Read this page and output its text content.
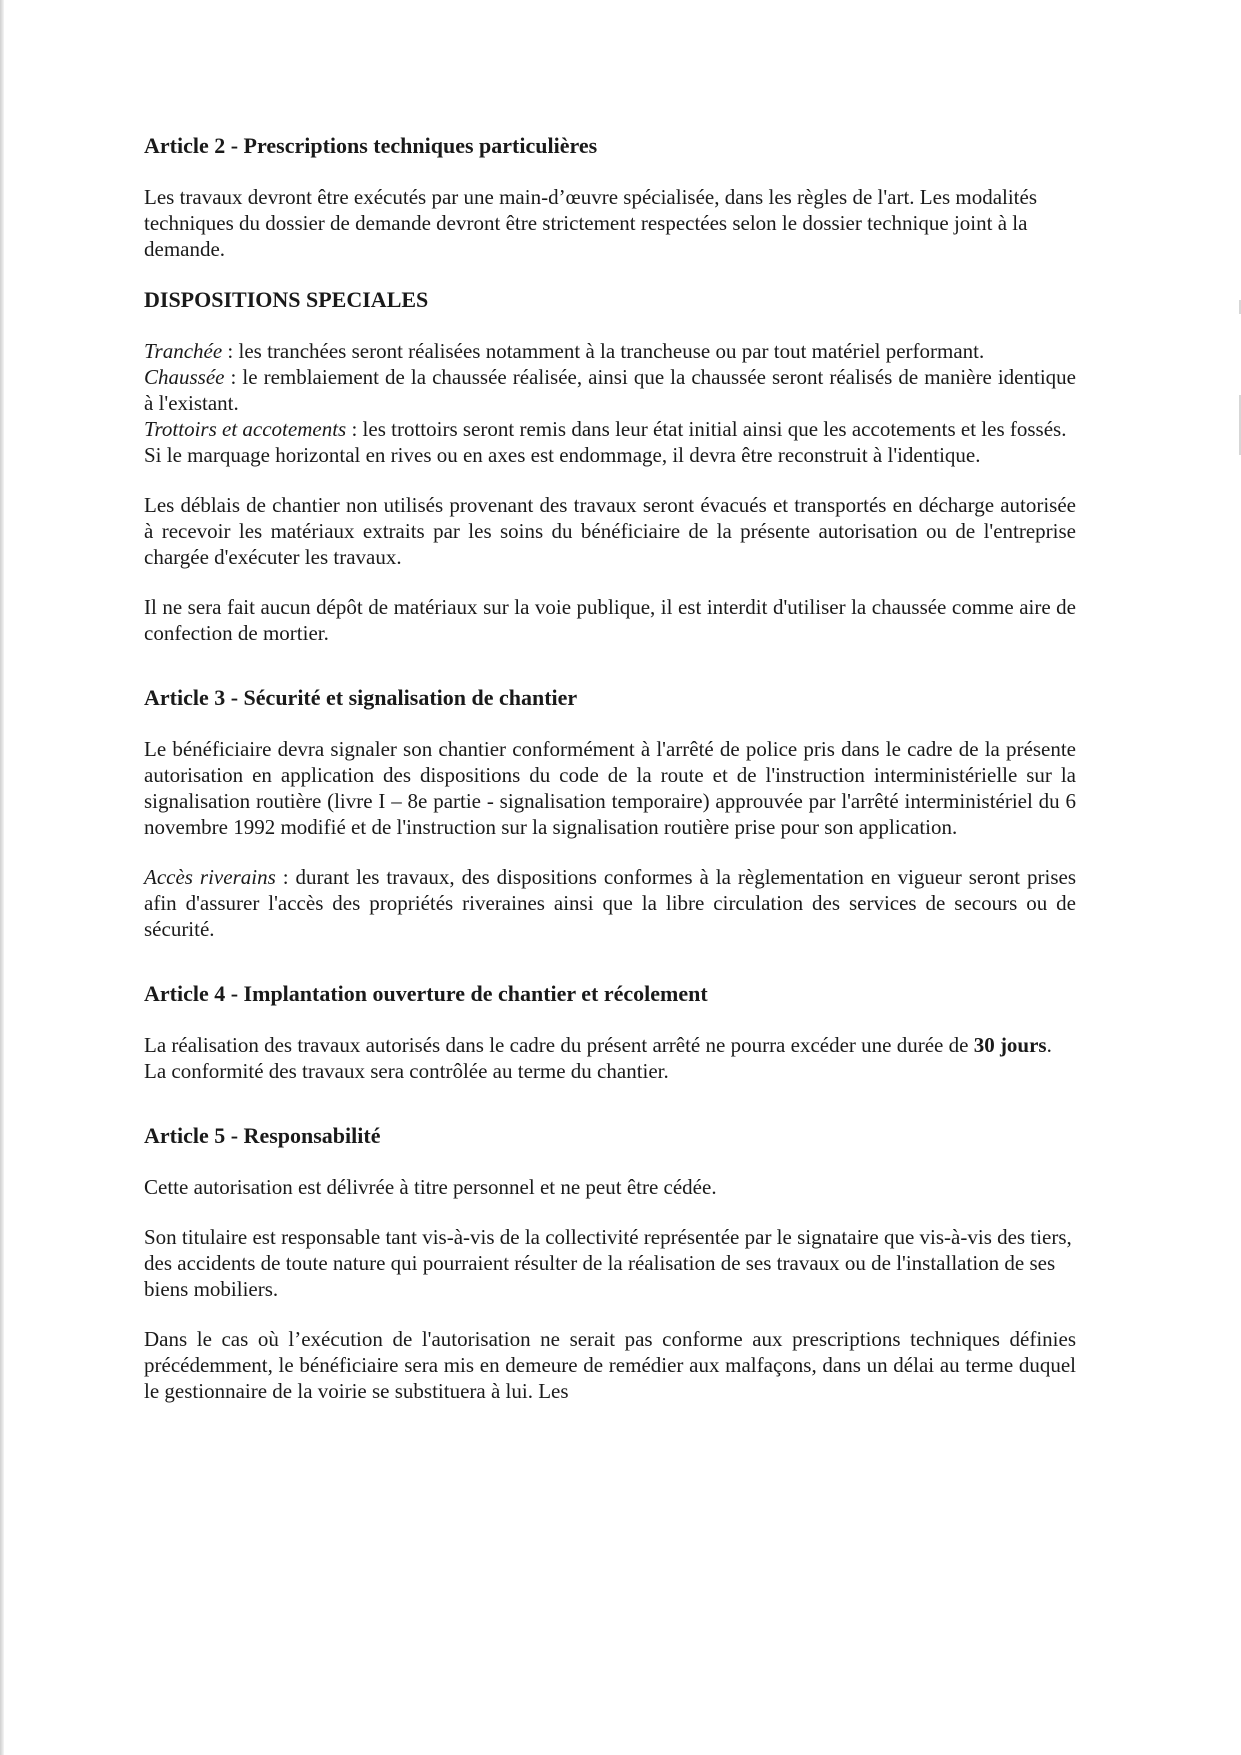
Article 2 - Prescriptions techniques particulières

Les travaux devront être exécutés par une main-d’œuvre spécialisée, dans les règles de l'art. Les modalités techniques du dossier de demande devront être strictement respectées selon le dossier technique joint à la demande.

DISPOSITIONS SPECIALES

Tranchée : les tranchées seront réalisées notamment à la trancheuse ou par tout matériel performant.
Chaussée : le remblaiement de la chaussée réalisée, ainsi que la chaussée seront réalisés de manière identique à l'existant.
Trottoirs et accotements : les trottoirs seront remis dans leur état initial ainsi que les accotements et les fossés.
Si le marquage horizontal en rives ou en axes est endommage, il devra être reconstruit à l'identique.

Les déblais de chantier non utilisés provenant des travaux seront évacués et transportés en décharge autorisée à recevoir les matériaux extraits par les soins du bénéficiaire de la présente autorisation ou de l'entreprise chargée d'exécuter les travaux.

Il ne sera fait aucun dépôt de matériaux sur la voie publique, il est interdit d'utiliser la chaussée comme aire de confection de mortier.

Article 3 - Sécurité et signalisation de chantier

Le bénéficiaire devra signaler son chantier conformément à l'arrêté de police pris dans le cadre de la présente autorisation en application des dispositions du code de la route et de l'instruction interministérielle sur la signalisation routière (livre I – 8e partie - signalisation temporaire) approuvée par l'arrêté interministériel du 6 novembre 1992 modifié et de l'instruction sur la signalisation routière prise pour son application.

Accès riverains : durant les travaux, des dispositions conformes à la règlementation en vigueur seront prises afin d'assurer l'accès des propriétés riveraines ainsi que la libre circulation des services de secours ou de sécurité.

Article 4 - Implantation ouverture de chantier et récolement

La réalisation des travaux autorisés dans le cadre du présent arrêté ne pourra excéder une durée de 30 jours. La conformité des travaux sera contrôlée au terme du chantier.

Article 5 - Responsabilité

Cette autorisation est délivrée à titre personnel et ne peut être cédée.

Son titulaire est responsable tant vis-à-vis de la collectivité représentée par le signataire que vis-à-vis des tiers, des accidents de toute nature qui pourraient résulter de la réalisation de ses travaux ou de l'installation de ses biens mobiliers.

Dans le cas où l’exécution de l'autorisation ne serait pas conforme aux prescriptions techniques définies précédemment, le bénéficiaire sera mis en demeure de remédier aux malfaçons, dans un délai au terme duquel le gestionnaire de la voirie se substituera à lui. Les
